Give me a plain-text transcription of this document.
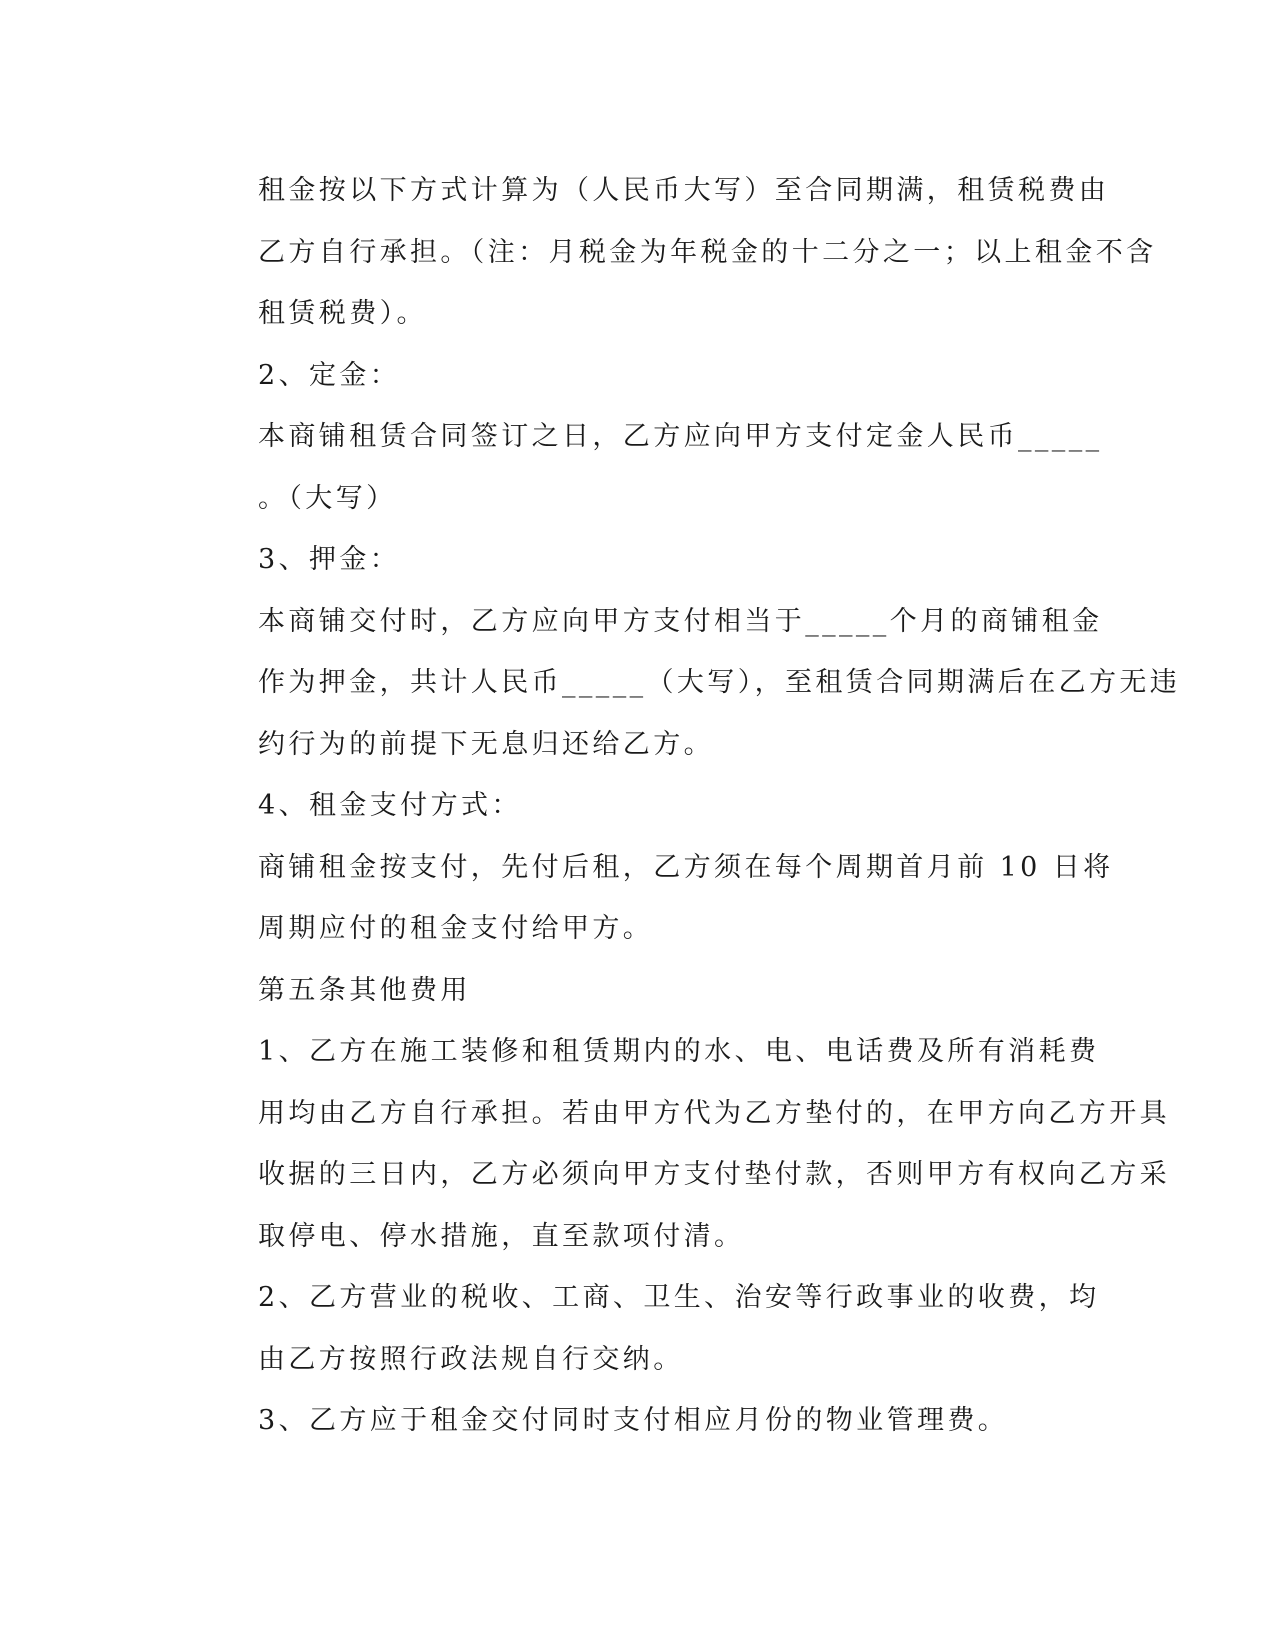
租金按以下方式计算为（人民币大写）至合同期满，租赁税费由
乙方自行承担。（注：月税金为年税金的十二分之一；以上租金不含
租赁税费）。

2、定金：

本商铺租赁合同签订之日，乙方应向甲方支付定金人民币_____
。（大写）

3、押金：

本商铺交付时，乙方应向甲方支付相当于_____个月的商铺租金
作为押金，共计人民币_____（大写），至租赁合同期满后在乙方无违
约行为的前提下无息归还给乙方。

4、租金支付方式：

商铺租金按支付，先付后租，乙方须在每个周期首月前 10 日将
周期应付的租金支付给甲方。

第五条其他费用

1、乙方在施工装修和租赁期内的水、电、电话费及所有消耗费
用均由乙方自行承担。若由甲方代为乙方垫付的，在甲方向乙方开具
收据的三日内，乙方必须向甲方支付垫付款，否则甲方有权向乙方采
取停电、停水措施，直至款项付清。

2、乙方营业的税收、工商、卫生、治安等行政事业的收费，均
由乙方按照行政法规自行交纳。

3、乙方应于租金交付同时支付相应月份的物业管理费。
